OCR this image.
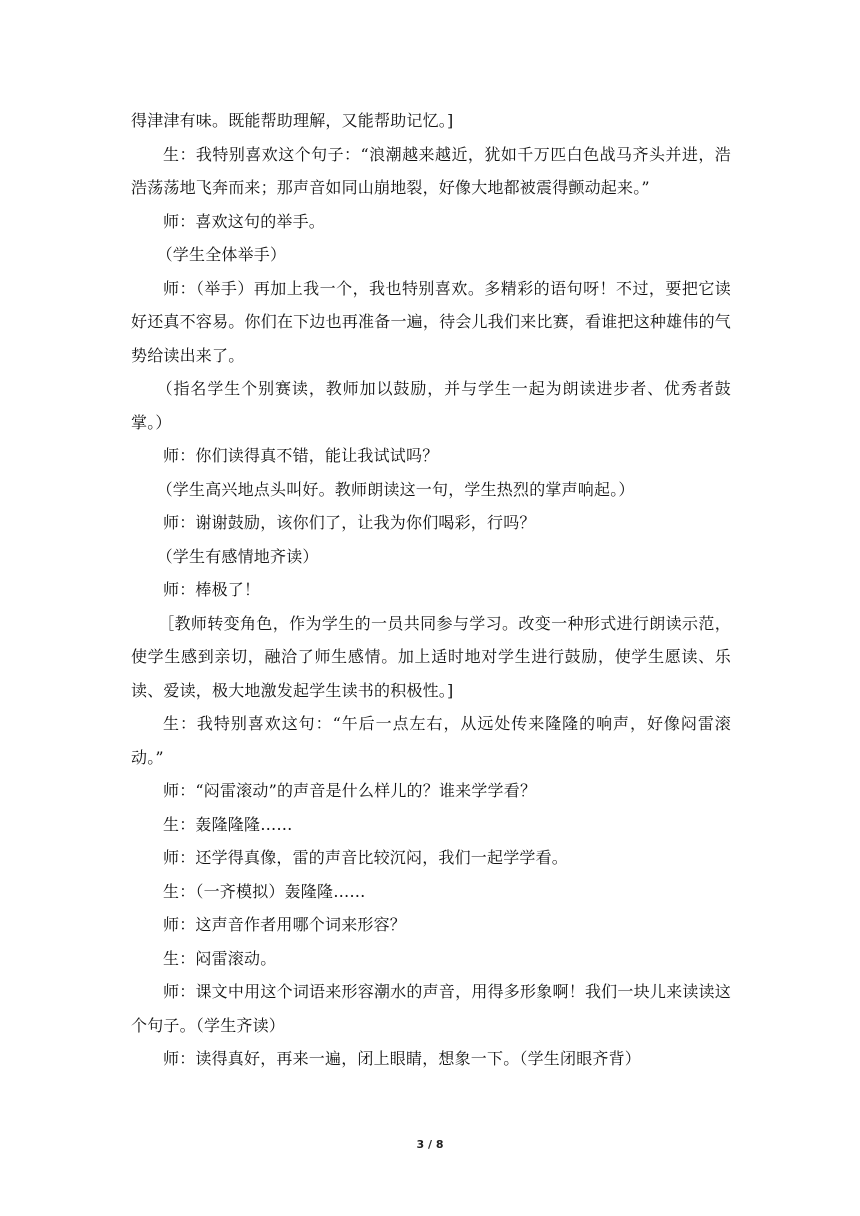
得津津有味。既能帮助理解，又能帮助记忆。]

生：我特别喜欢这个句子：“浪潮越来越近，犹如千万匹白色战马齐头并进，浩浩荡荡地飞奔而来；那声音如同山崩地裂，好像大地都被震得颤动起来。”

师：喜欢这句的举手。

（学生全体举手）

师：（举手）再加上我一个，我也特别喜欢。多精彩的语句呀！不过，要把它读好还真不容易。你们在下边也再准备一遍，待会儿我们来比赛，看谁把这种雄伟的气势给读出来了。

（指名学生个别赛读，教师加以鼓励，并与学生一起为朗读进步者、优秀者鼓掌。）

师：你们读得真不错，能让我试试吗？

（学生高兴地点头叫好。教师朗读这一句，学生热烈的掌声响起。）

师：谢谢鼓励，该你们了，让我为你们喝彩，行吗？

（学生有感情地齐读）

师：棒极了！

［教师转变角色，作为学生的一员共同参与学习。改变一种形式进行朗读示范，使学生感到亲切，融洽了师生感情。加上适时地对学生进行鼓励，使学生愿读、乐读、爱读，极大地激发起学生读书的积极性。]

生：我特别喜欢这句：“午后一点左右，从远处传来隆隆的响声，好像闷雷滚动。”

师：“闷雷滚动”的声音是什么样儿的？谁来学学看？

生：轰隆隆隆……

师：还学得真像，雷的声音比较沉闷，我们一起学学看。

生：（一齐模拟）轰隆隆……

师：这声音作者用哪个词来形容？

生：闷雷滚动。

师：课文中用这个词语来形容潮水的声音，用得多形象啊！我们一块儿来读读这个句子。（学生齐读）

师：读得真好，再来一遍，闭上眼睛，想象一下。（学生闭眼齐背）

3 / 8
